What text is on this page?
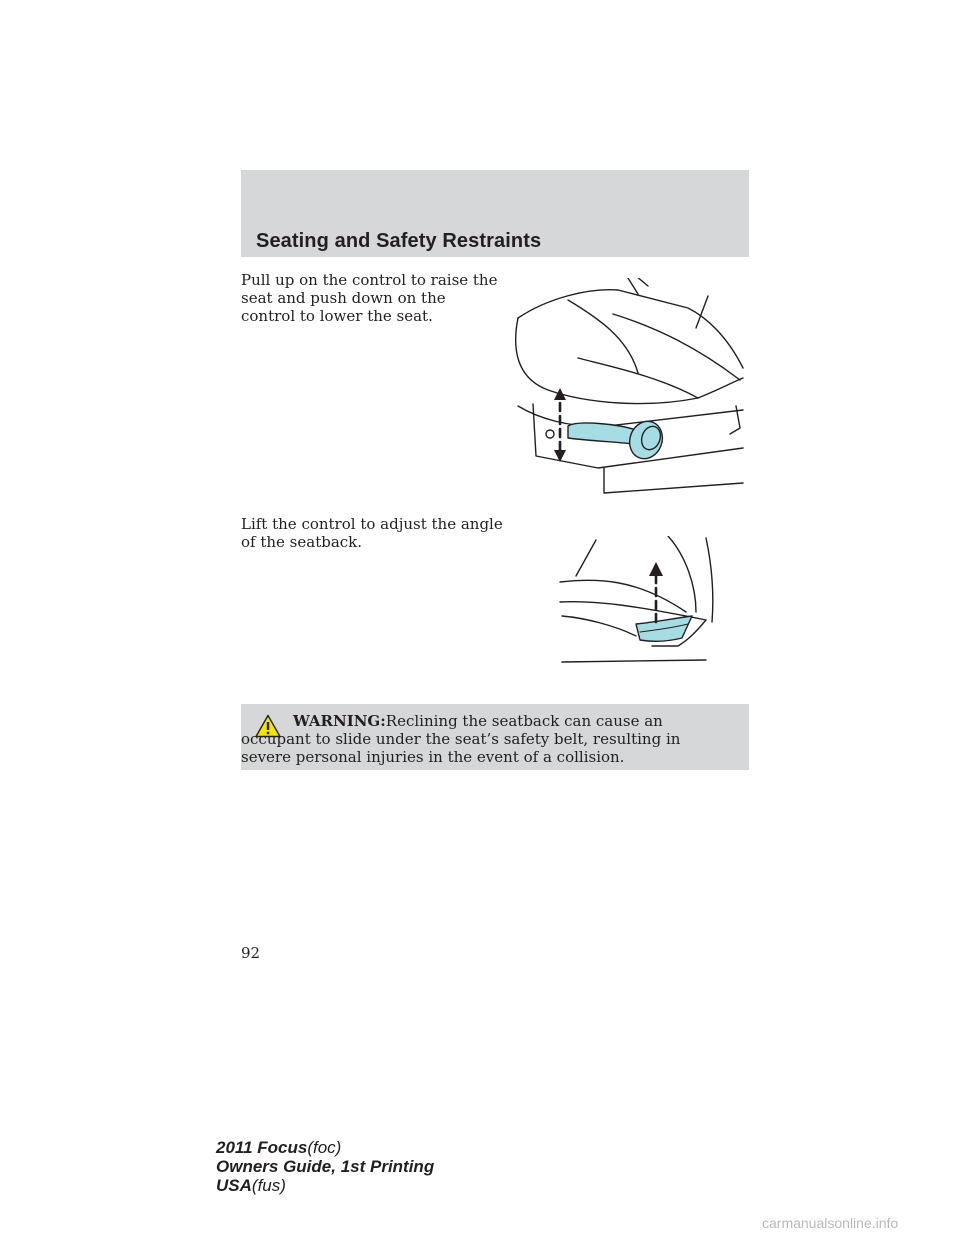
Seating and Safety Restraints
Pull up on the control to raise the seat and push down on the control to lower the seat.
Lift the control to adjust the angle of the seatback.
WARNING:Reclining the seatback can cause an occupant to slide under the seat’s safety belt, resulting in severe personal injuries in the event of a collision.
92
2011 Focus(foc)
Owners Guide, 1st Printing
USA(fus)
carmanualsonline.info
